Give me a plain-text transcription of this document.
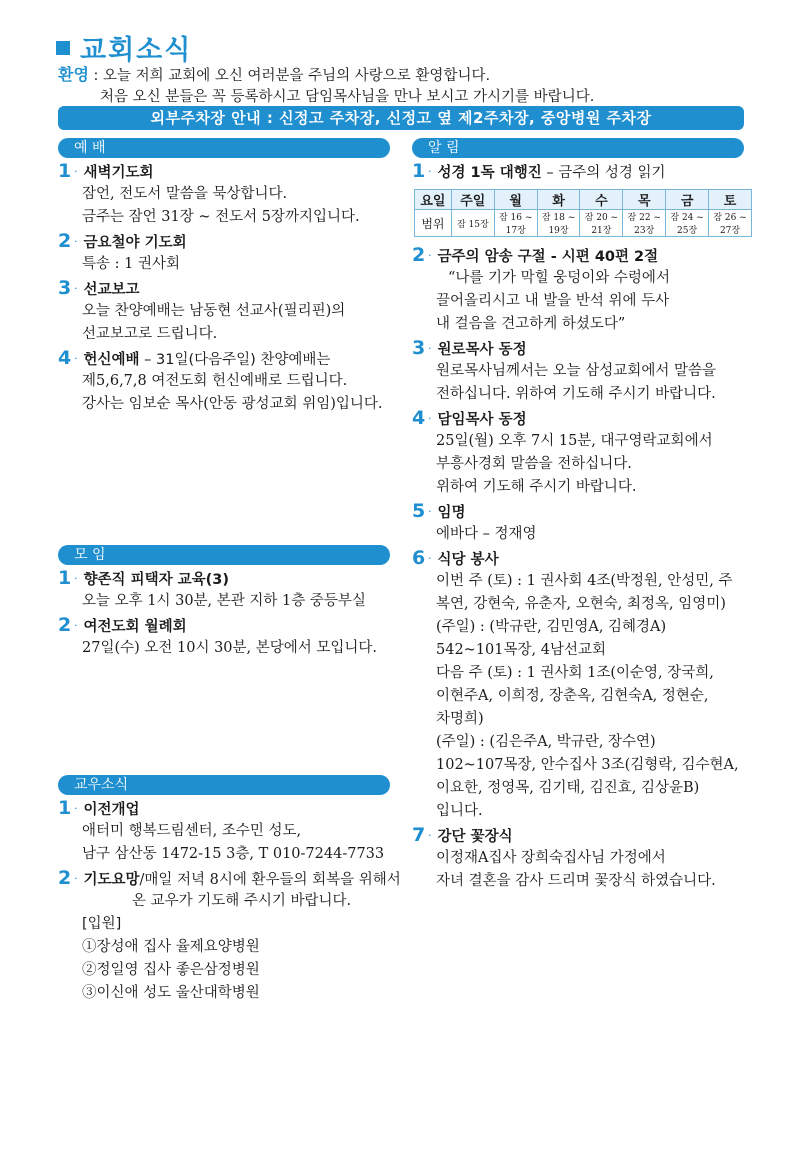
교회소식
환영 : 오늘 저희 교회에 오신 여러분을 주님의 사랑으로 환영합니다.
처음 오신 분들은 꼭 등록하시고 담임목사님을 만나 보시고 가시기를 바랍니다.
외부주차장 안내 : 신정고 주차장, 신정고 옆 제2주차장, 중앙병원 주차장
예 배
1 · 새벽기도회
잠언, 전도서 말씀을 묵상합니다.
금주는 잠언 31장 ~ 전도서 5장까지입니다.
2 · 금요철야 기도회
특송 : 1 권사회
3 · 선교보고
오늘 찬양예배는 남동현 선교사(필리핀)의
선교보고로 드립니다.
4 · 헌신예배 – 31일(다음주일) 찬양예배는
제5,6,7,8 여전도회 헌신예배로 드립니다.
강사는 임보순 목사(안동 광성교회 위임)입니다.
모 임
1 · 향존직 피택자 교육(3)
오늘 오후 1시 30분, 본관 지하 1층 중등부실
2 · 여전도회 월례회
27일(수) 오전 10시 30분, 본당에서 모입니다.
교우소식
1 · 이전개업
애터미 행복드림센터, 조수민 성도,
남구 삼산동 1472-15 3층, T 010-7244-7733
2 · 기도요망/매일 저녁 8시에 환우들의 회복을 위해서
온 교우가 기도해 주시기 바랍니다.
[입원]
①장성애 집사 율제요양병원
②정일영 집사 좋은삼정병원
③이신애 성도 울산대학병원
알 림
1 · 성경 1독 대행진 – 금주의 성경 읽기
요일	주일	월	화	수	목	금	토
범위	잠 15장	잠 16 ~ 17장	잠 18 ~ 19장	잠 20 ~ 21장	잠 22 ~ 23장	잠 24 ~ 25장	잠 26 ~ 27장
2 · 금주의 암송 구절 - 시편 40편 2절
“나를 기가 막힐 웅덩이와 수렁에서
끌어올리시고 내 발을 반석 위에 두사
내 걸음을 견고하게 하셨도다”
3 · 원로목사 동정
원로목사님께서는 오늘 삼성교회에서 말씀을
전하십니다. 위하여 기도해 주시기 바랍니다.
4 · 담임목사 동정
25일(월) 오후 7시 15분, 대구영락교회에서
부흥사경회 말씀을 전하십니다.
위하여 기도해 주시기 바랍니다.
5 · 임명
에바다 – 정재영
6 · 식당 봉사
이번 주 (토) : 1 권사회 4조(박정원, 안성민, 주
복연, 강현숙, 유춘자, 오현숙, 최정옥, 임영미)
(주일) : (박규란, 김민영A, 김혜경A)
542~101목장, 4남선교회
다음 주 (토) : 1 권사회 1조(이순영, 장국희,
이현주A, 이희정, 장춘옥, 김현숙A, 정현순,
차명희)
(주일) : (김은주A, 박규란, 장수연)
102~107목장, 안수집사 3조(김형락, 김수현A,
이요한, 정영목, 김기태, 김진효, 김상윤B)
입니다.
7 · 강단 꽃장식
이정재A집사 장희숙집사님 가정에서
자녀 결혼을 감사 드리며 꽃장식 하였습니다.
